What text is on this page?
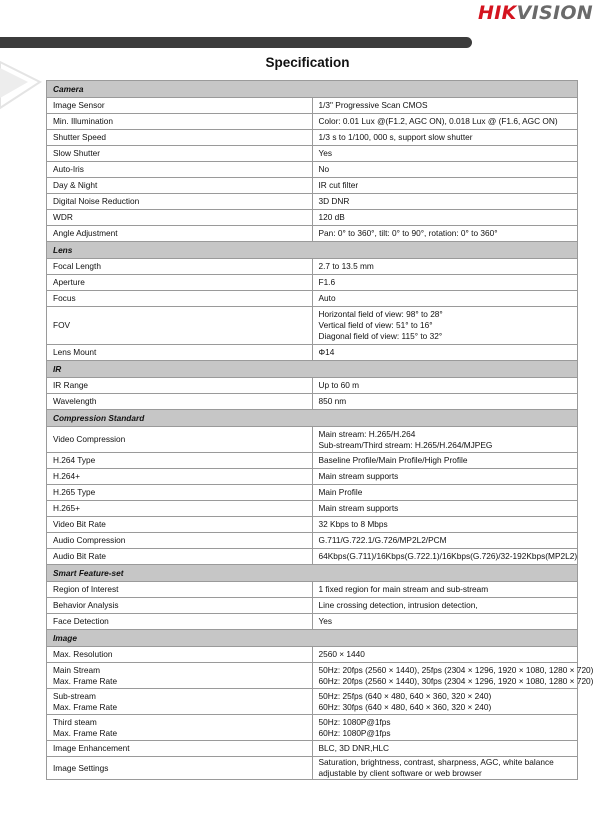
HIKVISION
Specification
Camera	

Image Sensor	1/3" Progressive Scan CMOS

Min. Illumination	Color: 0.01 Lux @(F1.2, AGC ON), 0.018 Lux @ (F1.6, AGC ON)

Shutter Speed	1/3 s to 1/100, 000 s, support slow shutter

Slow Shutter	Yes

Auto-Iris	No

Day & Night	IR cut filter

Digital Noise Reduction	3D DNR

WDR	120 dB

Angle Adjustment	Pan: 0° to 360°, tilt: 0° to 90°, rotation: 0° to 360°

Lens	

Focal Length	2.7 to 13.5 mm

Aperture	F1.6

Focus	Auto

FOV	Horizontal field of view: 98° to 28°
Vertical field of view: 51° to 16°
Diagonal field of view: 115° to 32°

Lens Mount	Φ14

IR	

IR Range	Up to 60 m

Wavelength	850 nm

Compression Standard	

Video Compression	Main stream: H.265/H.264
Sub-stream/Third stream: H.265/H.264/MJPEG

H.264 Type	Baseline Profile/Main Profile/High Profile

H.264+	Main stream supports

H.265 Type	Main Profile

H.265+	Main stream supports

Video Bit Rate	32 Kbps to 8 Mbps

Audio Compression	G.711/G.722.1/G.726/MP2L2/PCM

Audio Bit Rate	64Kbps(G.711)/16Kbps(G.722.1)/16Kbps(G.726)/32-192Kbps(MP2L2)

Smart Feature-set	

Region of Interest	1 fixed region for main stream and sub-stream

Behavior Analysis	Line crossing detection, intrusion detection,

Face Detection	Yes

Image	

Max. Resolution	2560 × 1440

Main Stream
Max. Frame Rate	50Hz: 20fps (2560 × 1440), 25fps (2304 × 1296, 1920 × 1080, 1280 × 720)
60Hz: 20fps (2560 × 1440), 30fps (2304 × 1296, 1920 × 1080, 1280 × 720)

Sub-stream
Max. Frame Rate	50Hz: 25fps (640 × 480, 640 × 360, 320 × 240)
60Hz: 30fps (640 × 480, 640 × 360, 320 × 240)

Third steam
Max. Frame Rate	50Hz: 1080P@1fps
60Hz: 1080P@1fps

Image Enhancement	BLC, 3D DNR,HLC

Image Settings	Saturation, brightness, contrast, sharpness, AGC, white balance adjustable by client software or web browser
